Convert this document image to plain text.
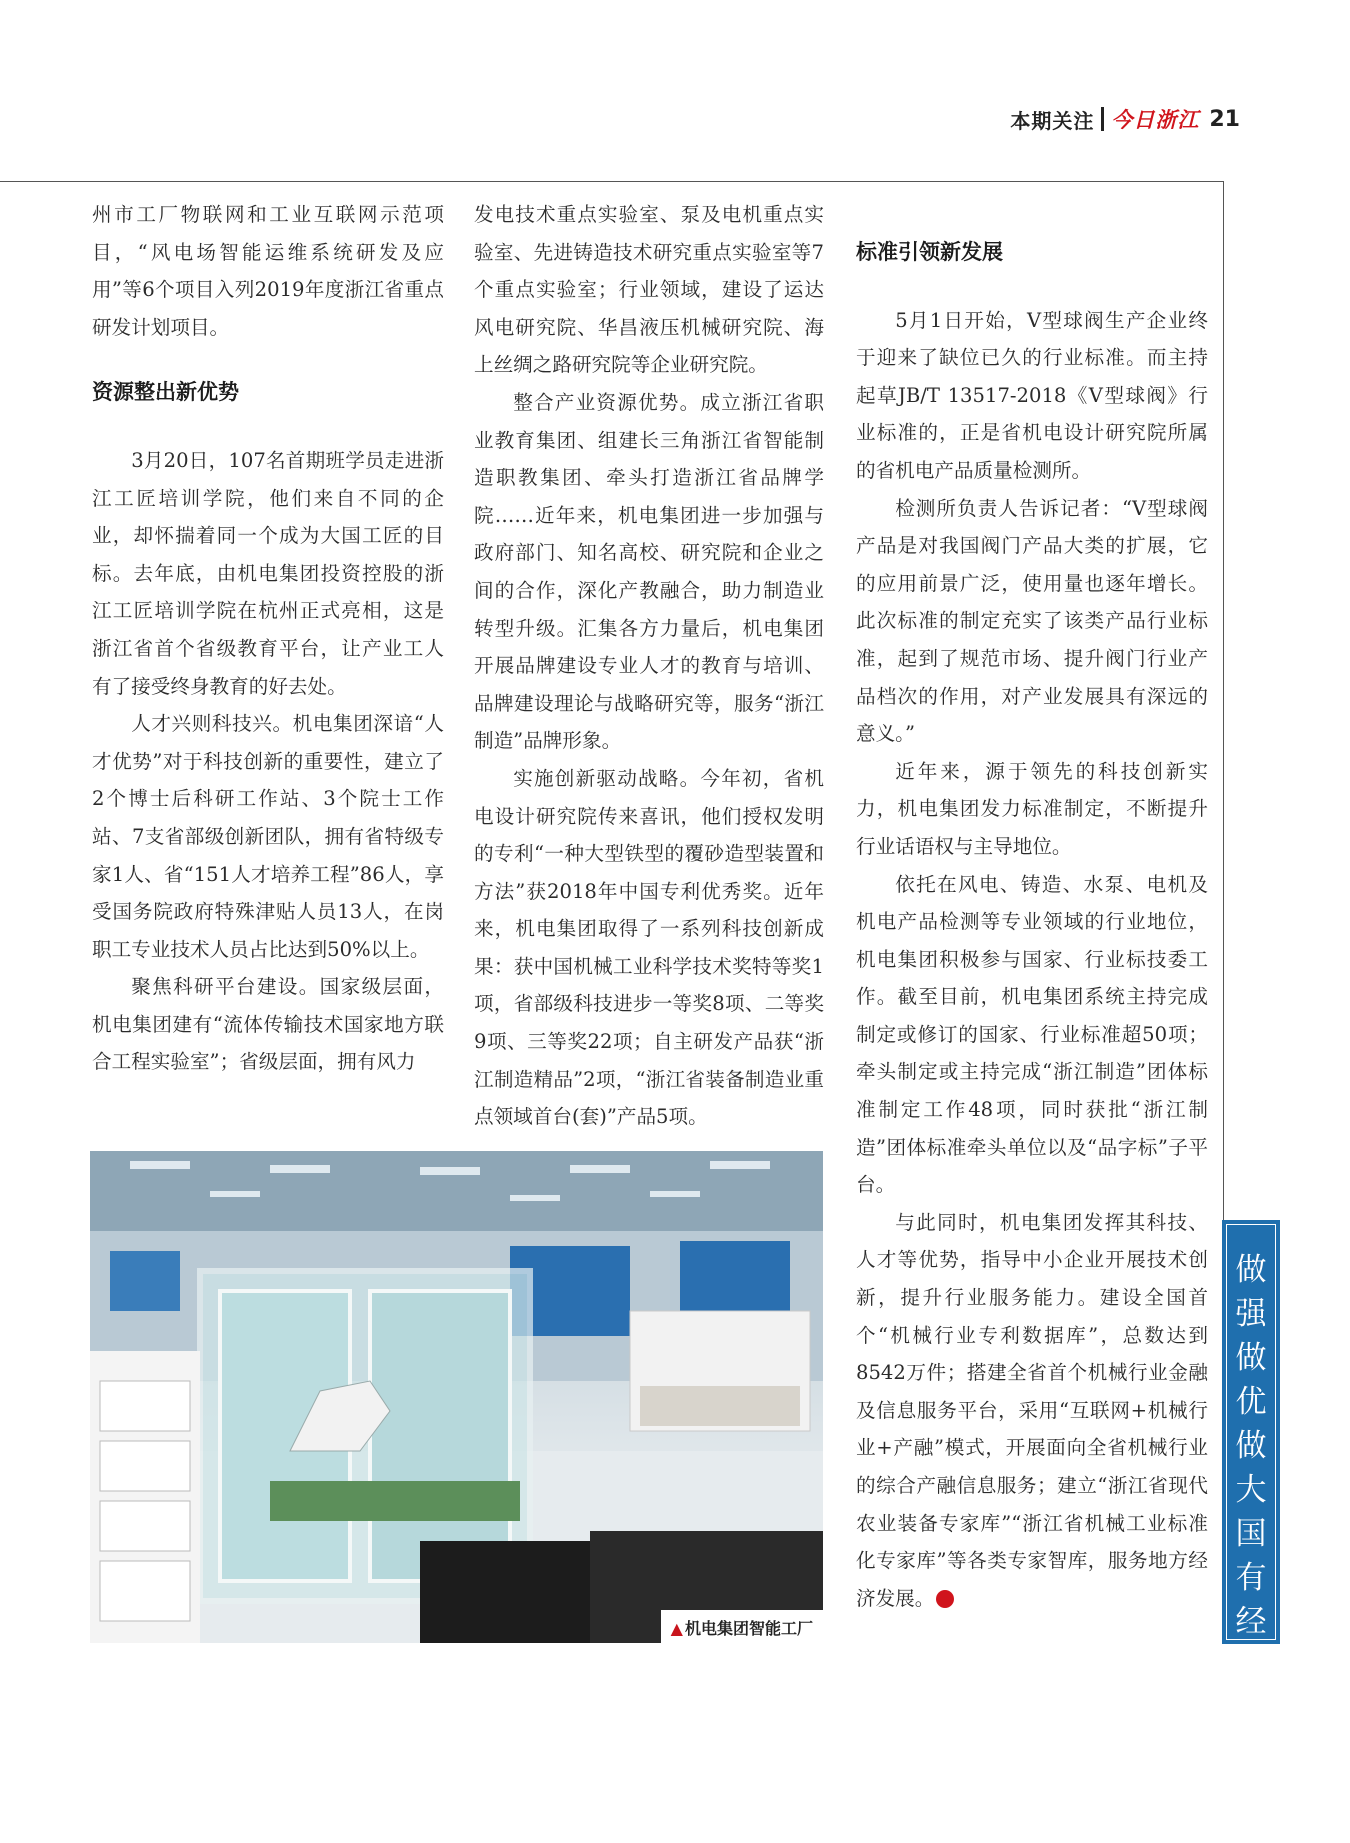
本期关注 今日浙江 21

州市工厂物联网和工业互联网示范项目，“风电场智能运维系统研发及应用”等6个项目入列2019年度浙江省重点研发计划项目。

资源整出新优势

3月20日，107名首期班学员走进浙江工匠培训学院，他们来自不同的企业，却怀揣着同一个成为大国工匠的目标。去年底，由机电集团投资控股的浙江工匠培训学院在杭州正式亮相，这是浙江省首个省级教育平台，让产业工人有了接受终身教育的好去处。

人才兴则科技兴。机电集团深谙“人才优势”对于科技创新的重要性，建立了2个博士后科研工作站、3个院士工作站、7支省部级创新团队，拥有省特级专家1人、省“151人才培养工程”86人，享受国务院政府特殊津贴人员13人，在岗职工专业技术人员占比达到50%以上。

聚焦科研平台建设。国家级层面，机电集团建有“流体传输技术国家地方联合工程实验室”；省级层面，拥有风力

发电技术重点实验室、泵及电机重点实验室、先进铸造技术研究重点实验室等7个重点实验室；行业领域，建设了运达风电研究院、华昌液压机械研究院、海上丝绸之路研究院等企业研究院。

整合产业资源优势。成立浙江省职业教育集团、组建长三角浙江省智能制造职教集团、牵头打造浙江省品牌学院……近年来，机电集团进一步加强与政府部门、知名高校、研究院和企业之间的合作，深化产教融合，助力制造业转型升级。汇集各方力量后，机电集团开展品牌建设专业人才的教育与培训、品牌建设理论与战略研究等，服务“浙江制造”品牌形象。

实施创新驱动战略。今年初，省机电设计研究院传来喜讯，他们授权发明的专利“一种大型铁型的覆砂造型装置和方法”获2018年中国专利优秀奖。近年来，机电集团取得了一系列科技创新成果：获中国机械工业科学技术奖特等奖1项，省部级科技进步一等奖8项、二等奖9项、三等奖22项；自主研发产品获“浙江制造精品”2项，“浙江省装备制造业重点领域首台(套)”产品5项。

标准引领新发展

5月1日开始，V型球阀生产企业终于迎来了缺位已久的行业标准。而主持起草JB/T 13517-2018《V型球阀》行业标准的，正是省机电设计研究院所属的省机电产品质量检测所。

检测所负责人告诉记者：“V型球阀产品是对我国阀门产品大类的扩展，它的应用前景广泛，使用量也逐年增长。此次标准的制定充实了该类产品行业标准，起到了规范市场、提升阀门行业产品档次的作用，对产业发展具有深远的意义。”

近年来，源于领先的科技创新实力，机电集团发力标准制定，不断提升行业话语权与主导地位。

依托在风电、铸造、水泵、电机及机电产品检测等专业领域的行业地位，机电集团积极参与国家、行业标技委工作。截至目前，机电集团系统主持完成制定或修订的国家、行业标准超50项；牵头制定或主持完成“浙江制造”团体标准制定工作48项，同时获批“浙江制造”团体标准牵头单位以及“品字标”子平台。

与此同时，机电集团发挥其科技、人才等优势，指导中小企业开展技术创新，提升行业服务能力。建设全国首个“机械行业专利数据库”，总数达到8542万件；搭建全省首个机械行业金融及信息服务平台，采用“互联网+机械行业+产融”模式，开展面向全省机械行业的综合产融信息服务；建立“浙江省现代农业装备专家库”“浙江省机械工业标准化专家库”等各类专家智库，服务地方经济发展。	今

▲ 机电集团智能工厂
做强做优做大国有经济
